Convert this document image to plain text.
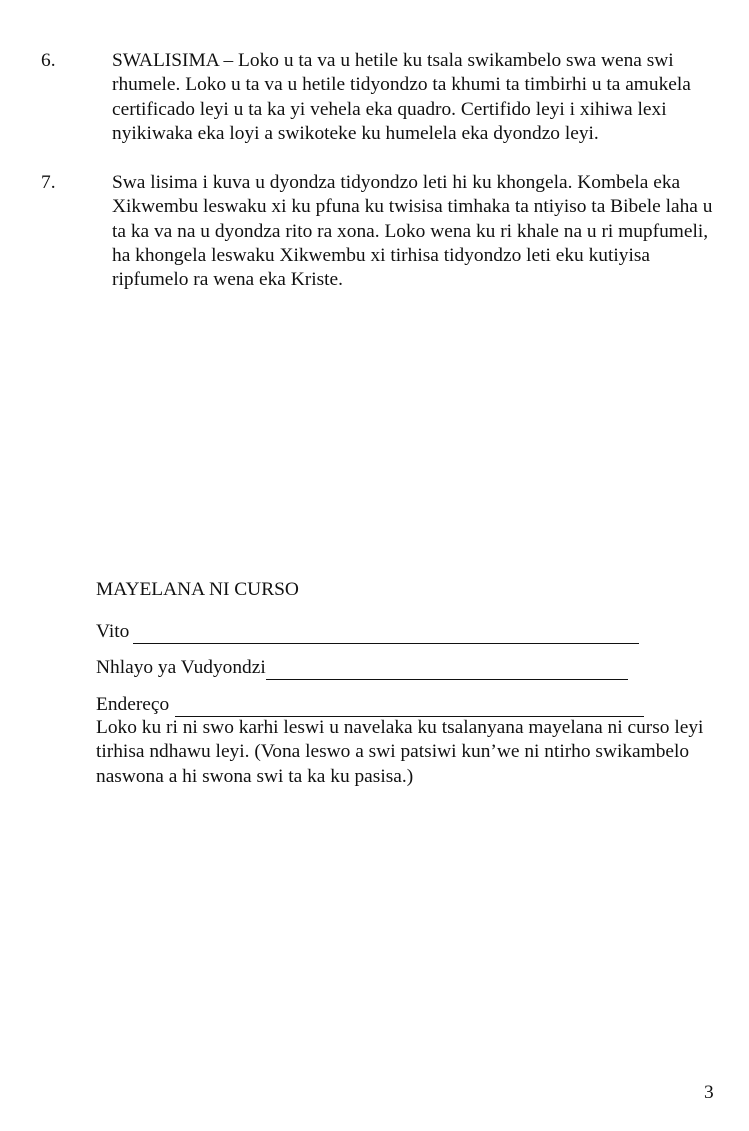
6.	SWALISIMA – Loko u ta va u hetile ku tsala swikambelo swa wena swi rhumele. Loko u ta va u hetile tidyondzo ta khumi ta timbirhi u ta amukela certificado leyi u ta ka yi vehela eka quadro. Certifido leyi i xihiwa lexi nyikiwaka eka loyi a swikoteke ku humelela eka dyondzo leyi.
7.	Swa lisima i kuva u dyondza tidyondzo leti hi ku khongela. Kombela eka Xikwembu leswaku xi ku pfuna ku twisisa timhaka ta ntiyiso ta Bibele laha u ta ka va na u dyondza rito ra xona. Loko wena ku ri khale na u ri mupfumeli, ha khongela leswaku Xikwembu xi tirhisa tidyondzo leti eku kutiyisa ripfumelo ra wena eka Kriste.
MAYELANA NI CURSO
Vito
Nhlayo ya Vudyondzi
Endereço
Loko ku ri ni swo karhi leswi u navelaka ku tsalanyana mayelana ni curso leyi tirhisa ndhawu leyi. (Vona leswo a swi patsiwi kun’we ni ntirho swikambelo naswona a hi swona swi ta ka ku pasisa.)
3
